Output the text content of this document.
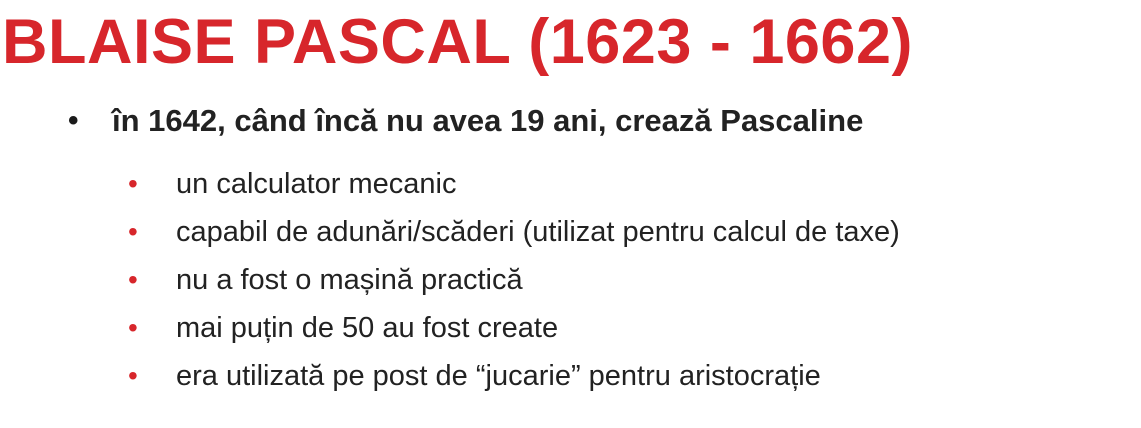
BLAISE PASCAL (1623 - 1662)
•	în 1642, când încă nu avea 19 ani, crează Pascaline
•	un calculator mecanic
•	capabil de adunări/scăderi (utilizat pentru calcul de taxe)
•	nu a fost o mașină practică
•	mai puțin de 50 au fost create
•	era utilizată pe post de “jucarie” pentru aristocrație
